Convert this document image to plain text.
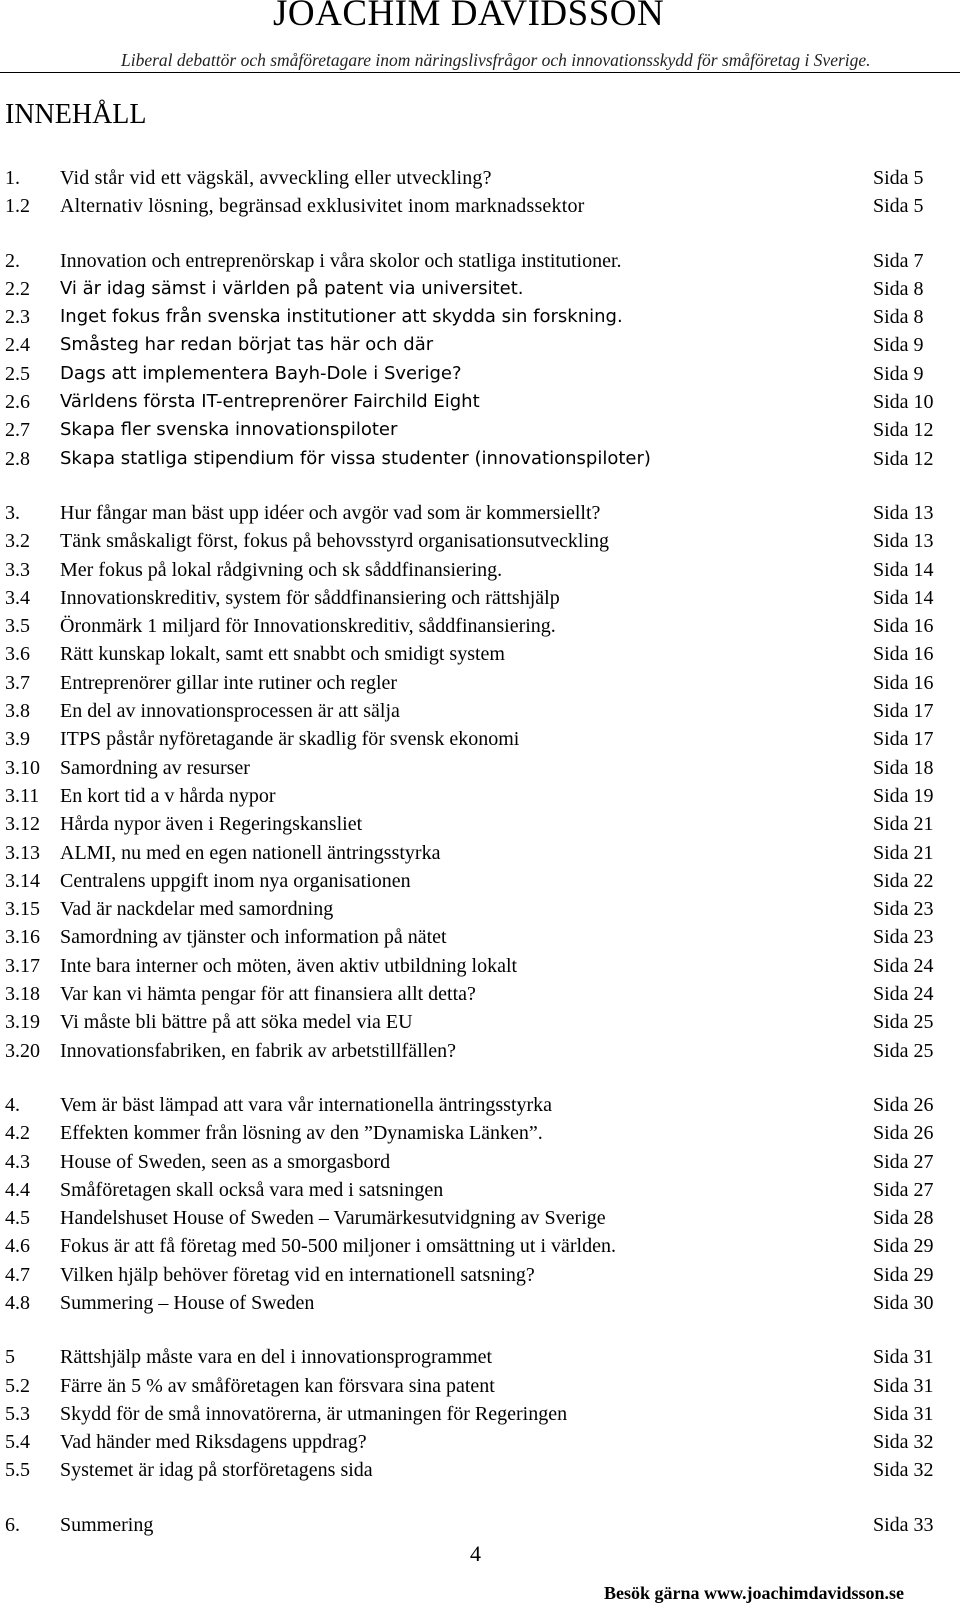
JOACHIM DAVIDSSON
Liberal debattör och småföretagare inom näringslivsfrågor och innovationsskydd för småföretag i Sverige.
INNEHÅLL
1. Vid står vid ett vägskäl, avveckling eller utveckling?	Sida 5
1.2 Alternativ lösning, begränsad exklusivitet inom marknadssektor	Sida 5
2. Innovation och entreprenörskap i våra skolor och statliga institutioner.	Sida 7
2.2 Vi är idag sämst i världen på patent via universitet.	Sida 8
2.3 Inget fokus från svenska institutioner att skydda sin forskning.	Sida 8
2.4 Småsteg har redan börjat tas här och där	Sida 9
2.5 Dags att implementera Bayh-Dole i Sverige?	Sida 9
2.6 Världens första IT-entreprenörer Fairchild Eight	Sida 10
2.7 Skapa fler svenska innovationspiloter	Sida 12
2.8 Skapa statliga stipendium för vissa studenter (innovationspiloter)	Sida 12
3. Hur fångar man bäst upp idéer och avgör vad som är kommersiellt?	Sida 13
3.2 Tänk småskaligt först, fokus på behovsstyrd organisationsutveckling	Sida 13
3.3 Mer fokus på lokal rådgivning och sk såddfinansiering.	Sida 14
3.4 Innovationskreditiv, system för såddfinansiering och rättshjälp	Sida 14
3.5 Öronmärk 1 miljard för Innovationskreditiv, såddfinansiering.	Sida 16
3.6 Rätt kunskap lokalt, samt ett snabbt och smidigt system	Sida 16
3.7 Entreprenörer gillar inte rutiner och regler	Sida 16
3.8 En del av innovationsprocessen är att sälja	Sida 17
3.9 ITPS påstår nyföretagande är skadlig för svensk ekonomi	Sida 17
3.10 Samordning av resurser	Sida 18
3.11 En kort tid a v hårda nypor	Sida 19
3.12 Hårda nypor även i Regeringskansliet	Sida 21
3.13 ALMI, nu med en egen nationell äntringsstyrka	Sida 21
3.14 Centralens uppgift inom nya organisationen	Sida 22
3.15 Vad är nackdelar med samordning	Sida 23
3.16 Samordning av tjänster och information på nätet	Sida 23
3.17 Inte bara interner och möten, även aktiv utbildning lokalt	Sida 24
3.18 Var kan vi hämta pengar för att finansiera allt detta?	Sida 24
3.19 Vi måste bli bättre på att söka medel via EU	Sida 25
3.20 Innovationsfabriken, en fabrik av arbetstillfällen?	Sida 25
4. Vem är bäst lämpad att vara vår internationella äntringsstyrka	Sida 26
4.2 Effekten kommer från lösning av den ”Dynamiska Länken”.	Sida 26
4.3 House of Sweden, seen as a smorgasbord	Sida 27
4.4 Småföretagen skall också vara med i satsningen	Sida 27
4.5 Handelshuset House of Sweden – Varumärkesutvidgning av Sverige	Sida 28
4.6 Fokus är att få företag med 50-500 miljoner i omsättning ut i världen.	Sida 29
4.7 Vilken hjälp behöver företag vid en internationell satsning?	Sida 29
4.8 Summering – House of Sweden	Sida 30
5 Rättshjälp måste vara en del i innovationsprogrammet	Sida 31
5.2 Färre än 5 % av småföretagen kan försvara sina patent	Sida 31
5.3 Skydd för de små innovatörerna, är utmaningen för Regeringen	Sida 31
5.4 Vad händer med Riksdagens uppdrag?	Sida 32
5.5 Systemet är idag på storföretagens sida	Sida 32
6. Summering	Sida 33
4
Besök gärna www.joachimdavidsson.se
